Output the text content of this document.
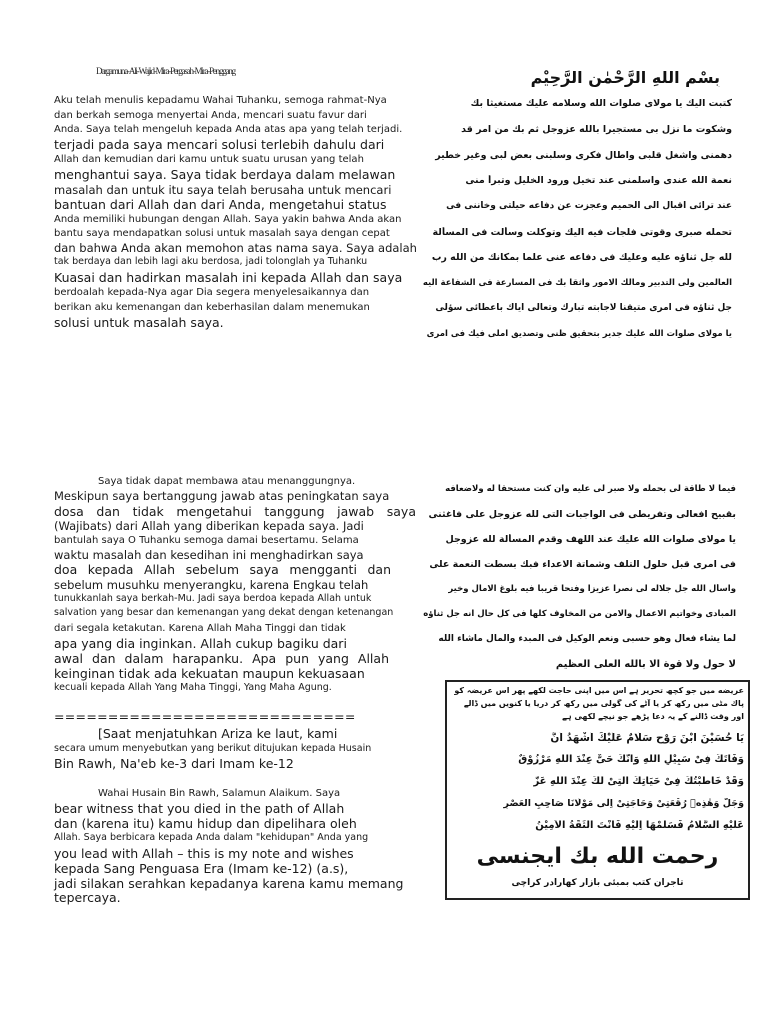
Dargamuna-Ali-Wajid-Mira-Pergasah-Mira-Penggang
Aku telah menulis kepadamu Wahai Tuhanku, semoga rahmat-Nya
dan berkah semoga menyertai Anda, mencari suatu favur dari
Anda. Saya telah mengeluh kepada Anda atas apa yang telah terjadi.
terjadi pada saya mencari solusi terlebih dahulu dari
Allah dan kemudian dari kamu untuk suatu urusan yang telah
menghantui saya. Saya tidak berdaya dalam melawan
masalah dan untuk itu saya telah berusaha untuk mencari
bantuan dari Allah dan dari Anda, mengetahui status
Anda memiliki hubungan dengan Allah. Saya yakin bahwa Anda akan
bantu saya mendapatkan solusi untuk masalah saya dengan cepat
dan bahwa Anda akan memohon atas nama saya. Saya adalah
tak berdaya dan lebih lagi aku berdosa, jadi tolonglah ya Tuhanku
Kuasai dan hadirkan masalah ini kepada Allah dan saya
berdoalah kepada-Nya agar Dia segera menyelesaikannya dan
berikan aku kemenangan dan keberhasilan dalam menemukan
solusi untuk masalah saya.
Saya tidak dapat membawa atau menanggungnya.
Meskipun saya bertanggung jawab atas peningkatan saya
dosa dan tidak mengetahui tanggung jawab saya
(Wajibats) dari Allah yang diberikan kepada saya. Jadi
bantulah saya O Tuhanku semoga damai besertamu. Selama
waktu masalah dan kesedihan ini menghadirkan saya
doa kepada Allah sebelum saya mengganti dan
sebelum musuhku menyerangku, karena Engkau telah
tunukkanlah saya berkah-Mu. Jadi saya berdoa kepada Allah untuk
salvation yang besar dan kemenangan yang dekat dengan ketenangan
dari segala ketakutan. Karena Allah Maha Tinggi dan tidak
apa yang dia inginkan. Allah cukup bagiku dari
awal dan dalam harapanku. Apa pun yang Allah
keinginan tidak ada kekuatan maupun kekuasaan
kecuali kepada Allah Yang Maha Tinggi, Yang Maha Agung.
============================
[Saat menjatuhkan Ariza ke laut, kami
secara umum menyebutkan yang berikut ditujukan kepada Husain
Bin Rawh, Na'eb ke-3 dari Imam ke-12
Wahai Husain Bin Rawh, Salamun Alaikum. Saya
bear witness that you died in the path of Allah
dan (karena itu) kamu hidup dan dipelihara oleh
Allah. Saya berbicara kepada Anda dalam "kehidupan" Anda yang
you lead with Allah – this is my note and wishes
kepada Sang Penguasa Era (Imam ke-12) (a.s),
jadi silakan serahkan kepadanya karena kamu memang
tepercaya.
بِسْمِ اللهِ الرَّحْمٰنِ الرَّحِيْمِ
كتبت اليك يا مولاى صلوات الله وسلامه عليك مستغيثا بك
وشكوت ما نزل بى مستجيرا بالله عزوجل ثم بك من امر قد
دهمنى واشغل قلبى واطال فكرى وسلبنى بعض لبى وغير خطير
نعمة الله عندى واسلمنى عند تخيل ورود الخليل وتبرأ منى
عند ترائى اقبال الى الحميم وعجزت عن دفاعه حيلتى وخاننى فى
تحمله صبرى وقوتى فلجأت فيه اليك وتوكلت وسألت فى المسألة
لله جل ثناؤه عليه وعليك فى دفاعه عنى علما بمكانك من الله رب
العالمين ولى التدبير ومالك الامور واثقا بك فى المسارعة فى الشفاعة اليه
جل ثناؤه فى امرى متيقنا لاجابته تبارك وتعالى اياك باعطائى سؤلى
يا مولاى صلوات الله عليك جدير بتحقيق ظنى وتصديق املى فيك فى امرى
فيما لا طاقة لى بحمله ولا صبر لى عليه وان كنت مستحقا له ولاضعافه
بقبيح افعالى وتفريطى فى الواجبات التى لله عزوجل على فاغثنى
يا مولاى صلوات الله عليك عند اللهف وقدم المسألة لله عزوجل
فى امرى قبل حلول التلف وشماتة الاعداء فبك بسطت النعمة على
واسأل الله جل جلاله لى نصرا عزيزا وفتحا قريبا فيه بلوغ الامال وخير
المبادى وخواتيم الاعمال والامن من المخاوف كلها فى كل حال انه جل ثناؤه
لما يشاء فعال وهو حسبى ونعم الوكيل فى المبدء والمآل ماشاء الله
لا حول ولا قوة الا بالله العلى العظيم
عريضه ميں جو كچھ تحرير ہے اس ميں اپنی حاجت لكھے پھر اس عريضہ كو
پاك مٹی ميں ركھ كر يا آٹے كی گولی ميں ركھ كر دريا يا كنويں ميں ڈالے
اور وقت ڈالنے كے يہ دعا پڑھے جو نيچے لكھی ہے
يَا حُسَيْنَ ابْنَ رَوْحٍ سَلَامٌ عَلَيْكَ اَشْهَدُ اَنَّ
وَفَاتَكَ فِىْ سَبِيْلِ اللهِ وَاَنَّكَ حَىٌّ عِنْدَ اللهِ مَرْزُوْقٌ
وَقَدْ خَاطَبْتُكَ فِىْ حَيَاتِكَ الَّتِىْ لَكَ عِنْدَ اللهِ عَزَّ
وَجَلَّ وَهٰذِهٖ رُقْعَتِىْ وَحَاجَتِىْ اِلٰى مَوْلَانَا صَاحِبِ الْعَصْرِ
عَلَيْهِ السَّلَامُ فَسَلِّمْهَا اِلَيْهِ فَاَنْتَ الثِّقَةُ الْاَمِيْنُ
رحمت الله بك ايجنسى
تاجران كتب بمبئى بازار كهارادر كراچى
